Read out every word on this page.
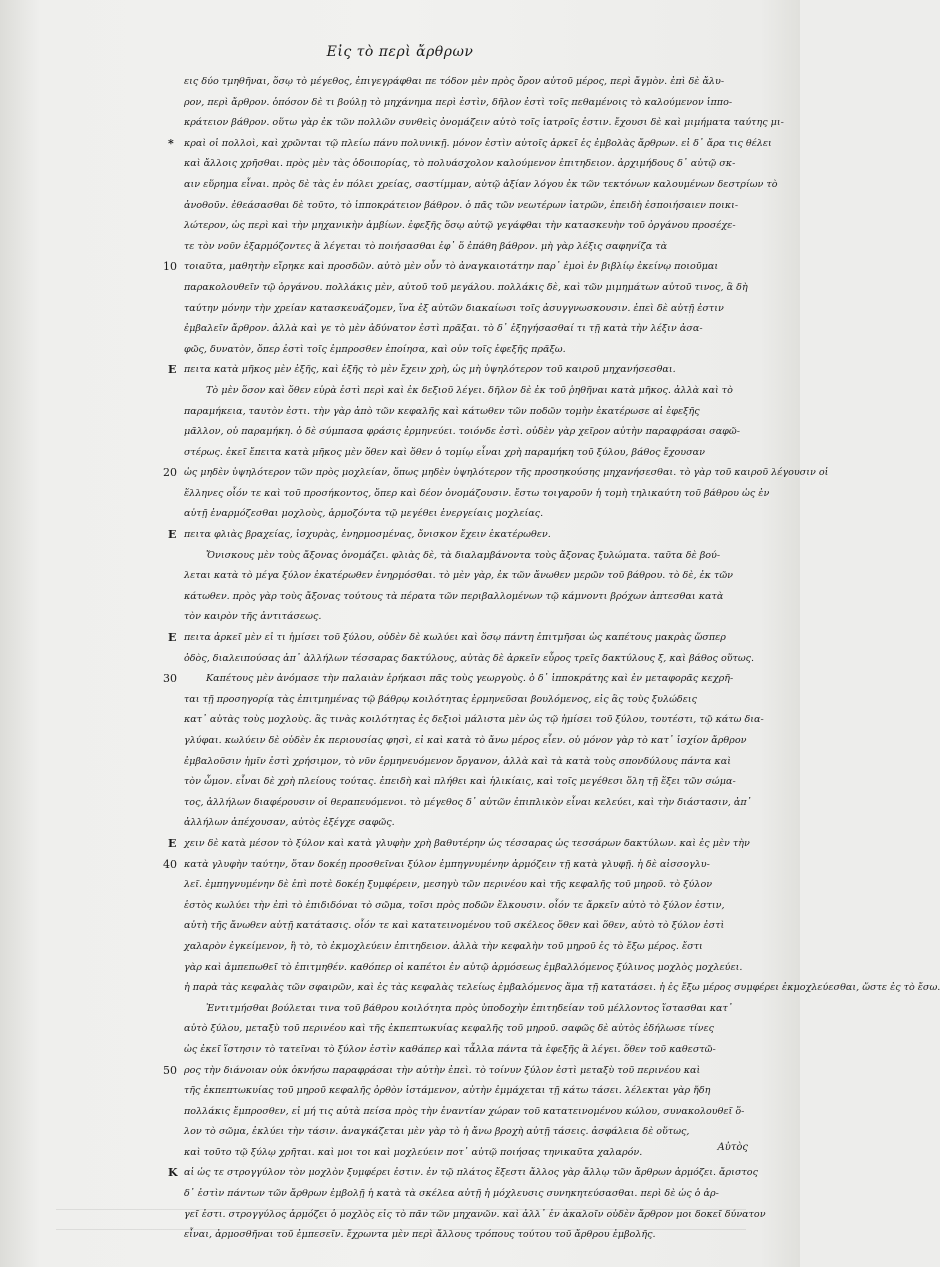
Εἰς τὸ περὶ ἄρθρων
εις δύο τμηθῆναι, ὅσῳ τὸ μέγεθος, ἐπιγεγράφθαι πε τόδον μὲν πρὸς ὄρον αὐτοῦ μέρος, περὶ ἄγμὸν. ἐπὶ δὲ ἄλυ-
ρον, περὶ ἄρθρον. ὁπόσον δὲ τι βούλῃ τὸ μηχάνημα περὶ ἐστὶν, δῆλον ἐστὶ τοῖς πεθαμένοις τὸ καλούμενον ἱππο-
κράτειον βάθρον. οὕτω γὰρ ἐκ τῶν πολλῶν συνθεὶς ὀνομάζειν αὐτὸ τοῖς ἰατροῖς ἐστιν. ἔχουσι δὲ καὶ μιμήματα ταύτης μι-
* κραὶ οἱ πολλοὶ, καὶ χρῶνται τῷ πλείω πάνυ πολυνικῇ. μόνον ἐστὶν αὐτοῖς ἀρκεῖ ἐς ἐμβολὰς ἄρθρων. εἰ δ᾽ ἄρα τις θέλει
καὶ ἄλλοις χρῆσθαι. πρὸς μὲν τὰς ὁδοιπορίας, τὸ πολυάσχολον καλούμενον ἐπιτηδειον. ἀρχιμήδους δ᾽ αὐτῷ σκ-
αιν εὕρημα εἶναι. πρὸς δὲ τὰς ἐν πόλει χρείας, σαστίμμαν, αὐτῷ ἀξίαν λόγου ἐκ τῶν τεκτόνων καλουμένων δεστρίων τὸ
ἀνοθοῦν. ἐθεάσασθαι δὲ τοῦτο, τὸ ἱπποκράτειον βάθρον. ὁ πᾶς τῶν νεωτέρων ἰατρῶν, ἐπειδὴ ἐσποιήσαιεν ποικι-
λώτερον, ὡς περὶ καὶ τὴν μηχανικὴν ἀμβίων. ἐφεξῆς ὅσῳ αὐτῷ γεγάφθαι τὴν κατασκευὴν τοῦ ὀργάνου προσέχε-
τε τὸν νοῦν ἐξαρμόζοντες ἃ λέγεται τὸ ποιήσασθαι ἐφ᾽ ὅ ἐπάθη βάθρον. μὴ γὰρ λέξις σαφηνίζα τὰ
10 τοιαῦτα, μαθητὴν εἴρηκε καὶ προσδῶν. αὐτὸ μὲν οὖν τὸ ἀναγκαιοτάτην παρ᾽ ἐμοὶ ἐν βιβλίῳ ἐκείνῳ ποιοῦμαι
παρακολουθεῖν τῷ ὀργάνου. πολλάκις μὲν, αὐτοῦ τοῦ μεγάλου. πολλάκις δὲ, καὶ τῶν μιμημάτων αὐτοῦ τινος, ἃ δὴ
ταύτην μόνην τὴν χρείαν κατασκευάζομεν, ἵνα ἐξ αὐτῶν διακαίωσι τοῖς ἀσυγγνωσκουσιν. ἐπεὶ δὲ αὐτῇ ἐστιν
ἐμβαλεῖν ἄρθρον. ἀλλὰ καὶ γε τὸ μὲν ἀδύνατον ἐστὶ πρᾶξαι. τὸ δ᾽ ἐξηγήσασθαί τι τῇ κατὰ τὴν λέξιν ἀσα-
φῶς, δυνατὸν, ὅπερ ἐστὶ τοῖς ἐμπροσθεν ἐποίησα, καὶ οὐν τοῖς ἐφεξῆς πρᾶξω.
Ε πειτα κατὰ μῆκος μὲν ἑξῆς, καὶ ἑξῆς τὸ μὲν ἔχειν χρὴ, ὡς μὴ ὑψηλότερον τοῦ καιροῦ μηχανήσεσθαι.
Τὸ μὲν ὅσον καὶ ὅθεν εὑρὰ ἐστὶ περὶ καὶ ἐκ δεξιοῦ λέγει. δῆλον δὲ ἐκ τοῦ ῥηθῆναι κατὰ μῆκος. ἀλλὰ καὶ τὸ
παραμήκεια, ταυτὸν ἐστι. τὴν γὰρ ἀπὸ τῶν κεφαλῆς καὶ κάτωθεν τῶν ποδῶν τομὴν ἑκατέρωσε αἱ ἐφεξῆς
μᾶλλον, οὐ παραμήκη. ὁ δὲ σύμπασα φράσις ἐρμηνεύει. τοιόνδε ἐστὶ. οὐδὲν γὰρ χεῖρον αὐτὴν παραφράσαι σαφῶ-
στέρως. ἐκεῖ ἔπειτα κατὰ μῆκος μὲν ὅθεν καὶ ὅθεν ὁ τομίῳ εἶναι χρὴ παραμήκη τοῦ ξύλου, βάθος ἔχουσαν
20 ὡς μηδὲν ὑψηλότερον τῶν πρὸς μοχλείαν, ὅπως μηδὲν ὑψηλότερον τῆς προσηκούσης μηχανήσεσθαι. τὸ γὰρ τοῦ καιροῦ λέγουσιν οἱ
ἕλληνες οἷόν τε καὶ τοῦ προσήκοντος, ὅπερ καὶ δέον ὀνομάζουσιν. ἔστω τοιγαροῦν ἡ τομὴ τηλικαύτη τοῦ βάθρου ὡς ἐν
αὐτῇ ἐναρμόζεσθαι μοχλοὺς, ἁρμοζόντα τῷ μεγέθει ἐνεργείαις μοχλείας.
Ε πειτα φλιὰς βραχείας, ἰσχυρὰς, ἐνηρμοσμένας, ὄνισκον ἔχειν ἑκατέρωθεν.
Ὄνισκους μὲν τοὺς ἄξονας ὀνομάζει. φλιὰς δὲ, τὰ διαλαμβάνοντα τοὺς ἄξονας ξυλώματα. ταῦτα δὲ βού-
λεται κατὰ τὸ μέγα ξύλον ἑκατέρωθεν ἐνηρμόσθαι. τὸ μὲν γὰρ, ἐκ τῶν ἄνωθεν μερῶν τοῦ βάθρου. τὸ δὲ, ἐκ τῶν
κάτωθεν. πρὸς γὰρ τοὺς ἄξονας τούτους τὰ πέρατα τῶν περιβαλλομένων τῷ κάμνοντι βρόχων ἀπτεσθαι κατὰ
τὸν καιρὸν τῆς ἀντιτάσεως.
Ε πειτα ἀρκεῖ μὲν εἰ τι ἡμίσει τοῦ ξύλου, οὐδὲν δὲ κωλύει καὶ ὅσῳ πάντη ἐπιτμῆσαι ὡς καπέτους μακρὰς ὥσπερ
ὁδὸς, διαλειπούσας ἀπ᾽ ἀλλήλων τέσσαρας δακτύλους, αὐτὰς δὲ ἀρκεῖν εὖρος τρεῖς δακτύλους ξ, καὶ βάθος οὕτως.
30	Καπέτους μὲν ἀνόμασε τὴν παλαιὰν ἐρήκασι πᾶς τοὺς γεωργοὺς. ὁ δ᾽ ἱπποκράτης καὶ ἐν μεταφορᾶς κεχρῆ-
ται τῇ προσηγορίᾳ τὰς ἐπιτμημένας τῷ βάθρῳ κοιλότητας ἑρμηνεῦσαι βουλόμενος, εἰς ἃς τοὺς ξυλώδεις
κατ᾽ αὐτὰς τοὺς μοχλοὺς. ἃς τινὰς κοιλότητας ἐς δεξιοὶ μάλιστα μὲν ὡς τῷ ἡμίσει τοῦ ξύλου, τουτέστι, τῷ κάτω δια-
γλύφαι. κωλύειν δὲ οὐδὲν ἐκ περιουσίας φησὶ, εἰ καὶ κατὰ τὸ ἄνω μέρος εἶεν. οὐ μόνον γὰρ τὸ κατ᾽ ἰσχίον ἄρθρον
ἐμβαλοῦσιν ἡμῖν ἐστὶ χρήσιμον, τὸ νῦν ἑρμηνευόμενον ὄργανον, ἀλλὰ καὶ τὰ κατὰ τοὺς σπονδύλους πάντα καὶ
τὸν ὦμον. εἶναι δὲ χρὴ πλείους τούτας. ἐπειδὴ καὶ πλήθει καὶ ἡλικίαις, καὶ τοῖς μεγέθεσι ὅλη τῇ ἕξει τῶν σώμα-
τος, ἀλλήλων διαφέρουσιν οἱ θεραπευόμενοι. τὸ μέγεθος δ᾽ αὐτῶν ἐπιπλικὸν εἶναι κελεύει, καὶ τὴν διάστασιν, ἀπ᾽
ἀλλήλων ἀπέχουσαν, αὐτὸς ἐξέγχε σαφῶς.
Ε χειν δὲ κατὰ μέσον τὸ ξύλον καὶ κατὰ γλυφὴν χρὴ βαθυτέρην ὡς τέσσαρας ὡς τεσσάρων δακτύλων. καὶ ἐς μὲν τὴν
40 κατὰ γλυφὴν ταύτην, ὅταν δοκέῃ προσθεῖναι ξύλον ἐμπηγνυμένην ἁρμόζειν τῇ κατὰ γλυφῇ. ἡ δὲ αἰσσογλυ-
λεῖ. ἐμπηγνυμένην δὲ ἐπὶ ποτὲ δοκέῃ ξυμφέρειν, μεσηγὺ τῶν περινέου καὶ τῆς κεφαλῆς τοῦ μηροῦ. τὸ ξύλον
ἑστὸς κωλύει τὴν ἐπὶ τὸ ἐπιδιδόναι τὸ σῶμα, τοῖσι πρὸς ποδῶν ἕλκουσιν. οἷόν τε ἄρκεῖν αὐτὸ τὸ ξύλον ἐστιν,
αὐτὴ τῆς ἄνωθεν αὐτῇ κατάτασις. οἷόν τε καὶ κατατεινομένου τοῦ σκέλεος ὅθεν καὶ ὅθεν, αὐτὸ τὸ ξύλον ἐστὶ
χαλαρὸν ἐγκείμενον, ἢ τὸ, τὸ ἐκμοχλεύειν ἐπιτηδειον. ἀλλὰ τὴν κεφαλὴν τοῦ μηροῦ ἐς τὸ ἔξω μέρος. ἔστι
γὰρ καὶ ἀμπεπωθεῖ τὸ ἐπιτμηθέν. καθόπερ οἱ καπέτοι ἐν αὐτῷ ἁρμόσεως ἐμβαλλόμενος ξύλινος μοχλὸς μοχλεύει.
ἡ παρὰ τὰς κεφαλὰς τῶν σφαιρῶν, καὶ ἐς τὰς κεφαλὰς τελείως ἐμβαλόμενος ἅμα τῇ κατατάσει. ἡ ἐς ἔξω μέρος συμφέρει ἐκμοχλεύεσθαι, ὥστε ἐς τὸ ἔσω.
Ἐντιτμήσθαι βούλεται τινα τοῦ βάθρου κοιλότητα πρὸς ὑποδοχὴν ἐπιτηδείαν τοῦ μέλλοντος ἵστασθαι κατ᾽
αὐτὸ ξύλου, μεταξὺ τοῦ περινέου καὶ τῆς ἐκπεπτωκυίας κεφαλῆς τοῦ μηροῦ. σαφῶς δὲ αὐτὸς ἐδήλωσε τίνες
ὡς ἐκεῖ ἵστησιν τὸ τατεῖναι τὸ ξύλον ἐστὶν καθάπερ καὶ τἆλλα πάντα τὰ ἐφεξῆς ἃ λέγει. ὅθεν τοῦ καθεστῶ-
50 ρος τὴν διάνοιαν οὐκ ὀκνήσω παραφράσαι τὴν αὐτὴν ἐπεὶ. τὸ τοίνυν ξύλον ἐστὶ μεταξὺ τοῦ περινέου καὶ
τῆς ἐκπεπτωκυίας τοῦ μηροῦ κεφαλῆς ὀρθὸν ἱστάμενον, αὐτὴν ἐμμάχεται τῇ κάτω τάσει. λέλεκται γὰρ ἤδη
πολλάκις ἔμπροσθεν, εἰ μή τις αὐτὰ πείσα πρὸς τὴν ἐναντίαν χώραν τοῦ κατατεινομένου κώλου, συνακολουθεῖ ὅ-
λον τὸ σῶμα, ἐκλύει τὴν τάσιν. ἀναγκάζεται μὲν γὰρ τὸ ἡ ἄνω βροχὴ αὐτῇ τάσεις. ἀσφάλεια δὲ οὕτως,
καὶ τοῦτο τῷ ξύλῳ χρῆται. καὶ μοι τοι καὶ μοχλεύειν ποτ᾽ αὐτῷ ποιήσας τηνικαῦτα χαλαρόν.
Κ αἱ ὡς τε στρογγύλον τὸν μοχλὸν ξυμφέρει ἐστιν. ἐν τῷ πλάτος ἔξεστι ἄλλος γὰρ ἄλλῳ τῶν ἄρθρων ἁρμόζει. ἄριστος
δ᾽ ἐστὶν πάντων τῶν ἄρθρων ἐμβολῇ ἡ κατὰ τὰ σκέλεα αὐτῇ ἡ μόχλευσις συνηκητεύσασθαι. περὶ δὲ ὡς ὁ ἀρ-
γεῖ ἐστι. στρογγύλος ἁρμόζει ὁ μοχλὸς εἰς τὸ πᾶν τῶν μηχανῶν. καὶ ἀλλ᾽ ἐν ἀκαλοῖν οὐδὲν ἄρθρον μοι δοκεῖ δύνατον
εἶναι, ἀρμοσθῆναι τοῦ ἐμπεσεῖν. ἔχρωντα μὲν περὶ ἄλλους τρόπους τούτου τοῦ ἄρθρου ἐμβολῆς.
Αὐτὸς
